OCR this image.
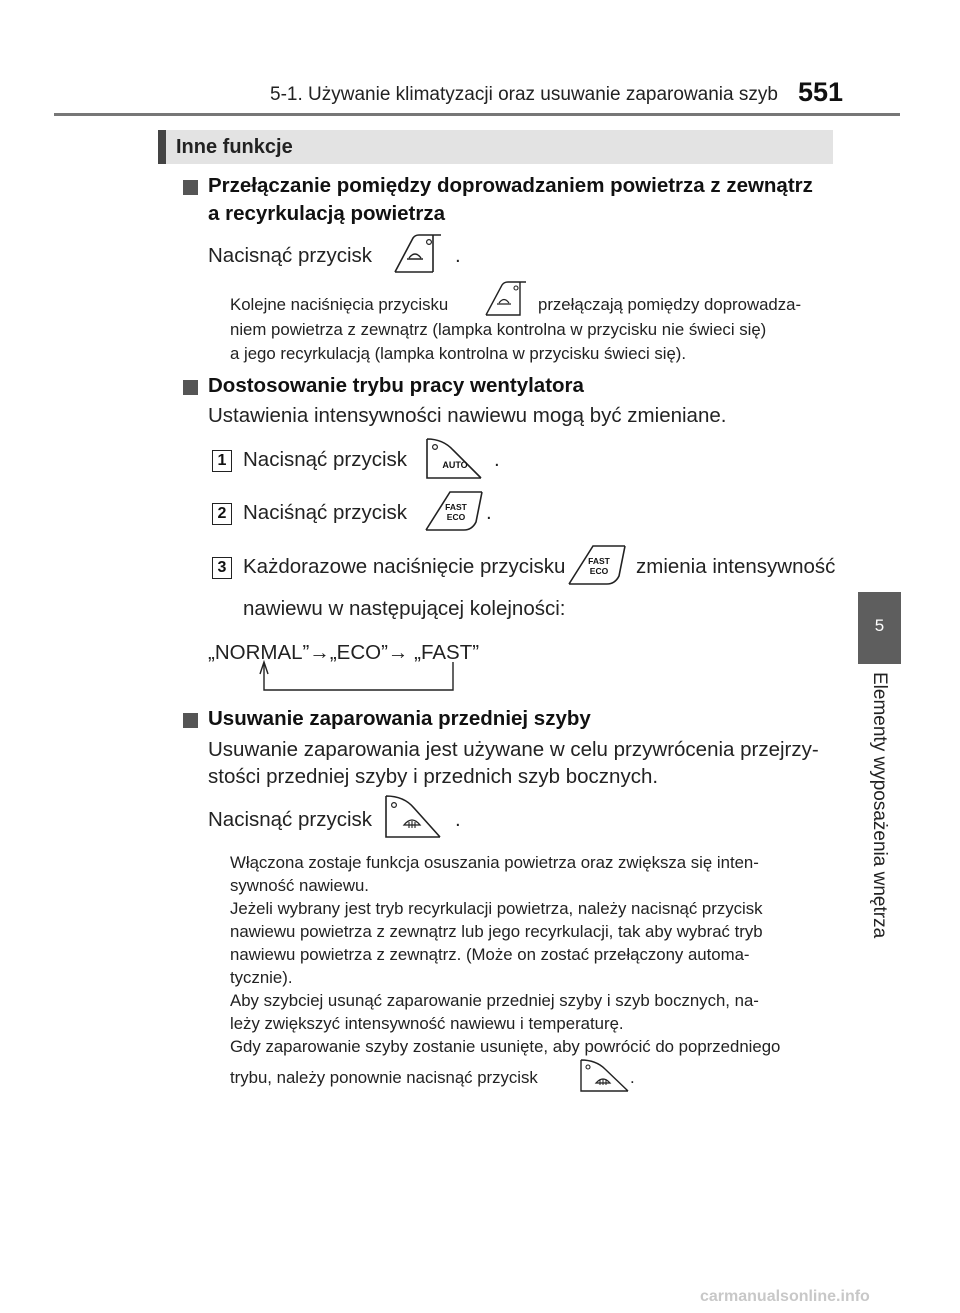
5-1. Używanie klimatyzacji oraz usuwanie zaparowania szyb 551
5
Elementy wyposażenia wnętrza
Inne funkcje
Przełączanie pomiędzy doprowadzaniem powietrza z zewnątrz
a recyrkulacją powietrza
Nacisnąć przycisk	.
Kolejne naciśnięcia przycisku	przełączają pomiędzy doprowadza-
niem powietrza z zewnątrz (lampka kontrolna w przycisku nie świeci się)
a jego recyrkulacją (lampka kontrolna w przycisku świeci się).
Dostosowanie trybu pracy wentylatora
Ustawienia intensywności nawiewu mogą być zmieniane.
1 Nacisnąć przycisk	AUTO .
2 Naciśnąć przycisk	FAST
ECO .
3 Każdorazowe naciśnięcie przycisku	FAST
ECO zmienia intensywność
nawiewu w następującej kolejności:
„NORMAL”→„ECO”→ „FAST”
Usuwanie zaparowania przedniej szyby
Usuwanie zaparowania jest używane w celu przywrócenia przejrzy-
stości przedniej szyby i przednich szyb bocznych.
Nacisnąć przycisk	.
Włączona zostaje funkcja osuszania powietrza oraz zwiększa się inten-
sywność nawiewu.
Jeżeli wybrany jest tryb recyrkulacji powietrza, należy nacisnąć przycisk
nawiewu powietrza z zewnątrz lub jego recyrkulacji, tak aby wybrać tryb
nawiewu powietrza z zewnątrz. (Może on zostać przełączony automa-
tycznie).
Aby szybciej usunąć zaparowanie przedniej szyby i szyb bocznych, na-
leży zwiększyć intensywność nawiewu i temperaturę.
Gdy zaparowanie szyby zostanie usunięte, aby powrócić do poprzedniego
trybu, należy ponownie nacisnąć przycisk	.
carmanualsonline.info
